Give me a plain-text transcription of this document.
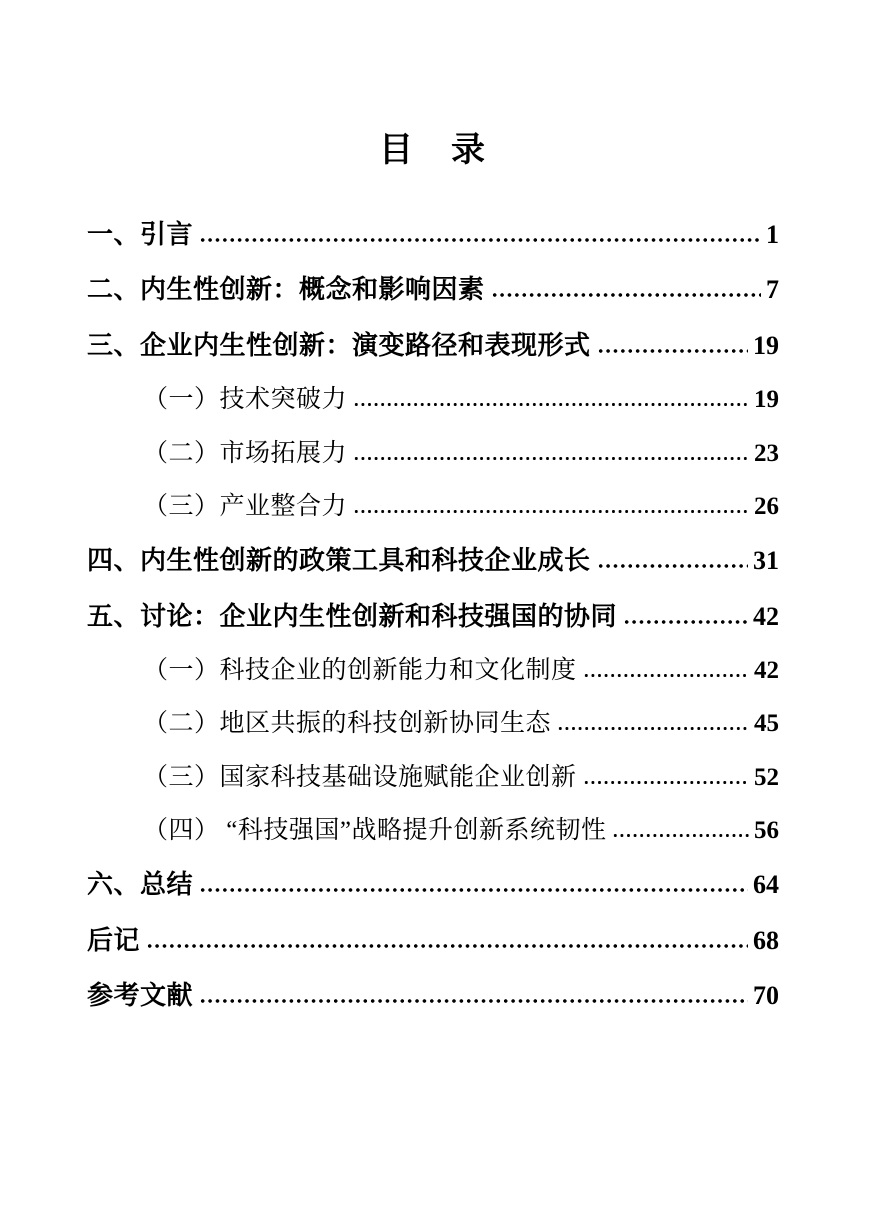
目　录
一、引言	1
二、内生性创新：概念和影响因素	7
三、企业内生性创新：演变路径和表现形式	19
（一）技术突破力	19
（二）市场拓展力	23
（三）产业整合力	26
四、内生性创新的政策工具和科技企业成长	31
五、讨论：企业内生性创新和科技强国的协同	42
（一）科技企业的创新能力和文化制度	42
（二）地区共振的科技创新协同生态	45
（三）国家科技基础设施赋能企业创新	52
（四） “科技强国”战略提升创新系统韧性	56
六、总结	64
后记	68
参考文献	70
